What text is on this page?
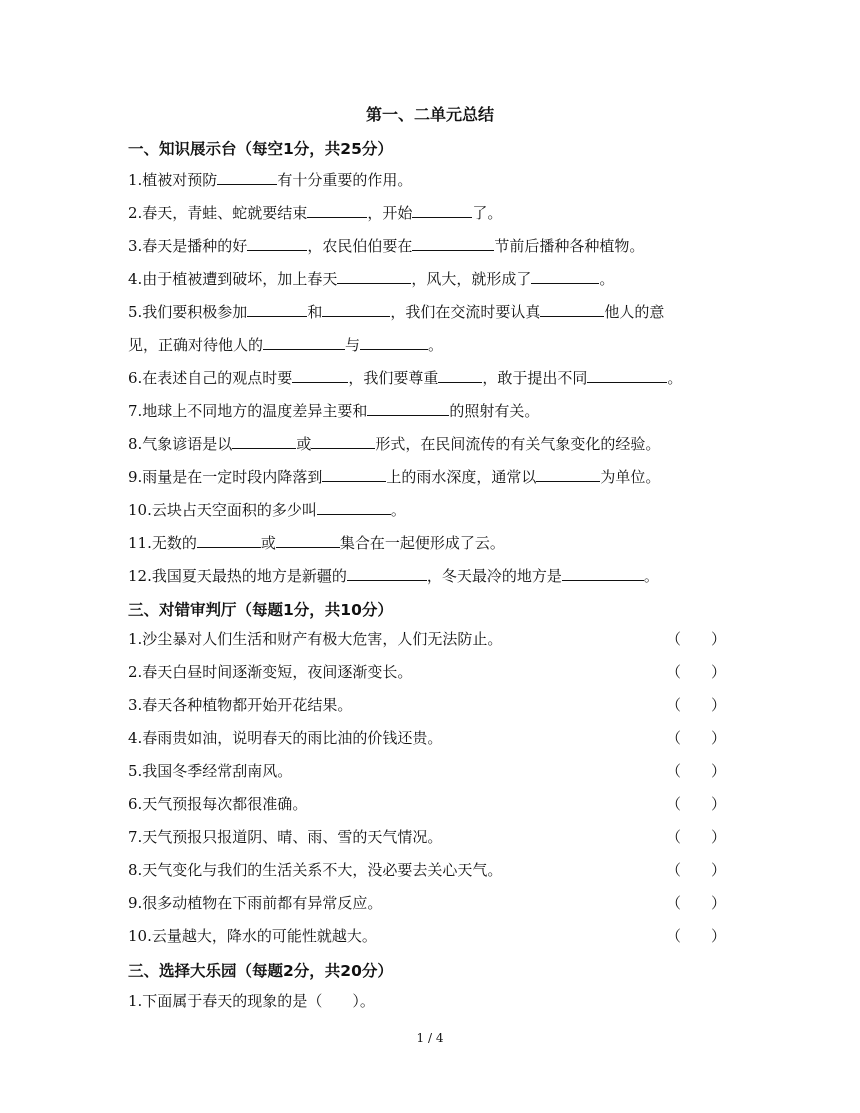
第一、二单元总结
一、知识展示台（每空1分，共25分）
1.植被对预防	有十分重要的作用。
2.春天，青蛙、蛇就要结束	，开始	了。
3.春天是播种的好	，农民伯伯要在	节前后播种各种植物。
4.由于植被遭到破坏，加上春天	，风大，就形成了	。
5.我们要积极参加	和	，我们在交流时要认真	他人的意
见，正确对待他人的	与	。
6.在表述自己的观点时要	，我们要尊重	，敢于提出不同	。
7.地球上不同地方的温度差异主要和	的照射有关。
8.气象谚语是以	或	形式，在民间流传的有关气象变化的经验。
9.雨量是在一定时段内降落到	上的雨水深度，通常以	为单位。
10.云块占天空面积的多少叫	。
11.无数的	或	集合在一起便形成了云。
12.我国夏天最热的地方是新疆的	，冬天最冷的地方是	。
三、对错审判厅（每题1分，共10分）
1.沙尘暴对人们生活和财产有极大危害，人们无法防止。	（　　）
2.春天白昼时间逐渐变短，夜间逐渐变长。	（　　）
3.春天各种植物都开始开花结果。	（　　）
4.春雨贵如油，说明春天的雨比油的价钱还贵。	（　　）
5.我国冬季经常刮南风。	（　　）
6.天气预报每次都很准确。	（　　）
7.天气预报只报道阴、晴、雨、雪的天气情况。	（　　）
8.天气变化与我们的生活关系不大，没必要去关心天气。	（　　）
9.很多动植物在下雨前都有异常反应。	（　　）
10.云量越大，降水的可能性就越大。	（　　）
三、选择大乐园（每题2分，共20分）
1.下面属于春天的现象的是（　　）。
1 / 4
